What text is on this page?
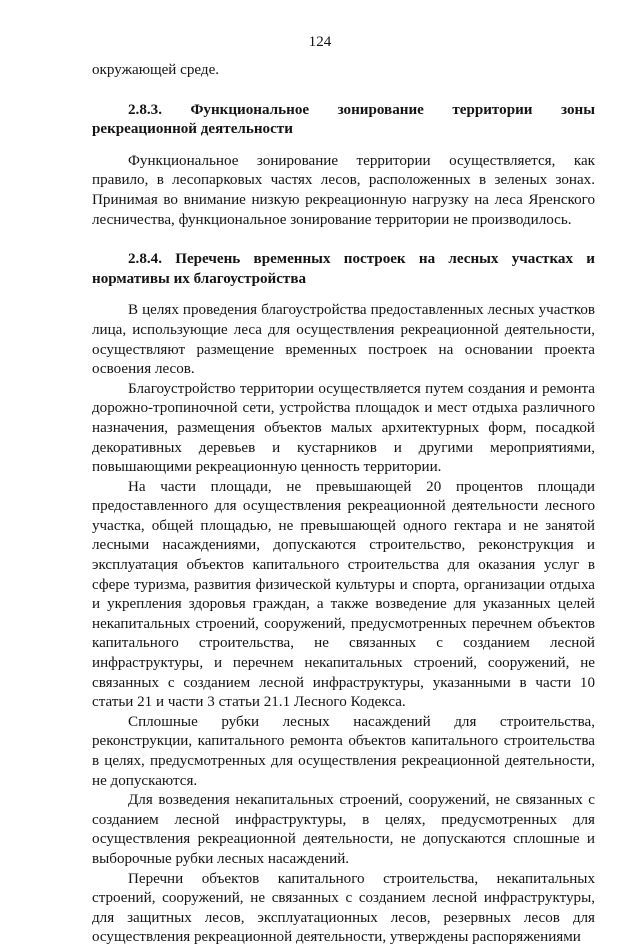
124

окружающей среде.

2.8.3. Функциональное зонирование территории зоны рекреационной деятельности

Функциональное зонирование территории осуществляется, как правило, в лесопарковых частях лесов, расположенных в зеленых зонах. Принимая во внимание низкую рекреационную нагрузку на леса Яренского лесничества, функциональное зонирование территории не производилось.

2.8.4. Перечень временных построек на лесных участках и нормативы их благоустройства

В целях проведения благоустройства предоставленных лесных участков лица, использующие леса для осуществления рекреационной деятельности, осуществляют размещение временных построек на основании проекта освоения лесов.

Благоустройство территории осуществляется путем создания и ремонта дорожно-тропиночной сети, устройства площадок и мест отдыха различного назначения, размещения объектов малых архитектурных форм, посадкой декоративных деревьев и кустарников и другими мероприятиями, повышающими рекреационную ценность территории.

На части площади, не превышающей 20 процентов площади предоставленного для осуществления рекреационной деятельности лесного участка, общей площадью, не превышающей одного гектара и не занятой лесными насаждениями, допускаются строительство, реконструкция и эксплуатация объектов капитального строительства для оказания услуг в сфере туризма, развития физической культуры и спорта, организации отдыха и укрепления здоровья граждан, а также возведение для указанных целей некапитальных строений, сооружений, предусмотренных перечнем объектов капитального строительства, не связанных с созданием лесной инфраструктуры, и перечнем некапитальных строений, сооружений, не связанных с созданием лесной инфраструктуры, указанными в части 10 статьи 21 и части 3 статьи 21.1 Лесного Кодекса.

Сплошные рубки лесных насаждений для строительства, реконструкции, капитального ремонта объектов капитального строительства в целях, предусмотренных для осуществления рекреационной деятельности, не допускаются.

Для возведения некапитальных строений, сооружений, не связанных с созданием лесной инфраструктуры, в целях, предусмотренных для осуществления рекреационной деятельности, не допускаются сплошные и выборочные рубки лесных насаждений.

Перечни объектов капитального строительства, некапитальных строений, сооружений, не связанных с созданием лесной инфраструктуры, для защитных лесов, эксплуатационных лесов, резервных лесов для осуществления рекреационной деятельности, утверждены распоряжениями
